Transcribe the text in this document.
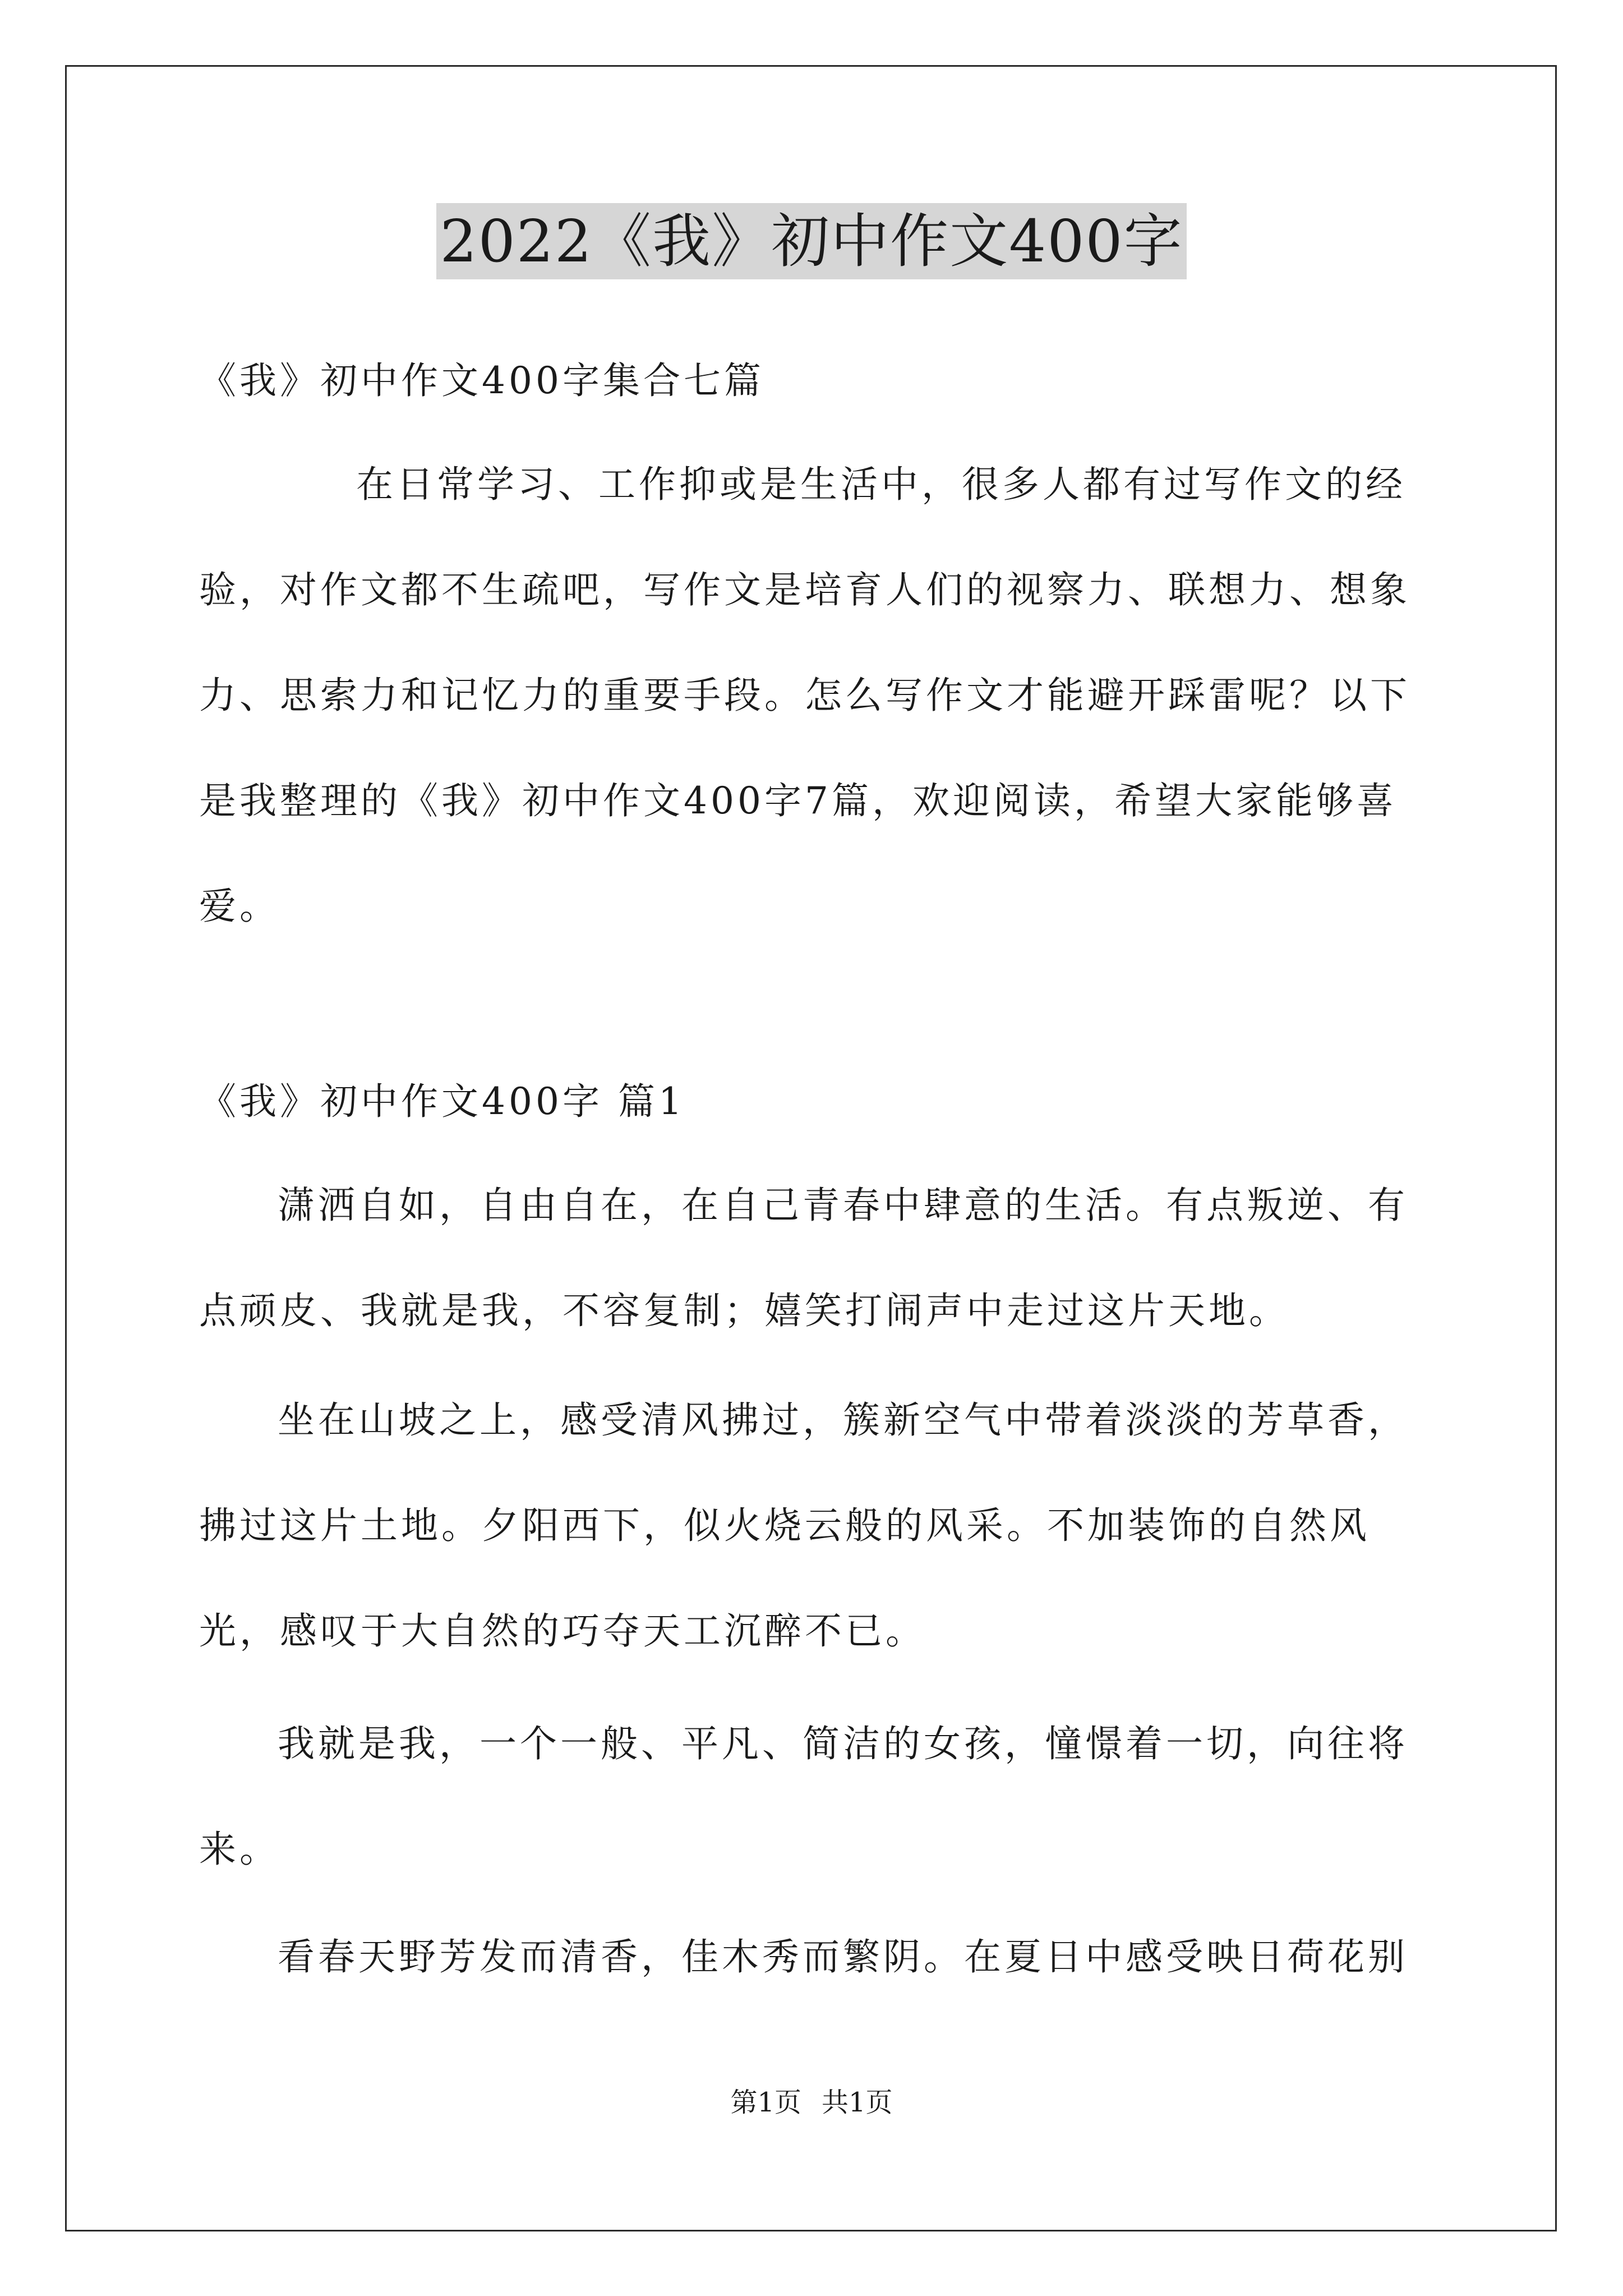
2022《我》初中作文400字

《我》初中作文400字集合七篇

在日常学习、工作抑或是生活中，很多人都有过写作文的经验，对作文都不生疏吧，写作文是培育人们的视察力、联想力、想象力、思索力和记忆力的重要手段。怎么写作文才能避开踩雷呢？以下是我整理的《我》初中作文400字7篇，欢迎阅读，希望大家能够喜爱。

《我》初中作文400字 篇1

潇洒自如，自由自在，在自己青春中肆意的生活。有点叛逆、有点顽皮、我就是我，不容复制；嬉笑打闹声中走过这片天地。

坐在山坡之上，感受清风拂过，簇新空气中带着淡淡的芳草香，拂过这片土地。夕阳西下，似火烧云般的风采。不加装饰的自然风光，感叹于大自然的巧夺天工沉醉不已。

我就是我，一个一般、平凡、简洁的女孩，憧憬着一切，向往将来。

看春天野芳发而清香，佳木秀而繁阴。在夏日中感受映日荷花别

第1页 共1页
